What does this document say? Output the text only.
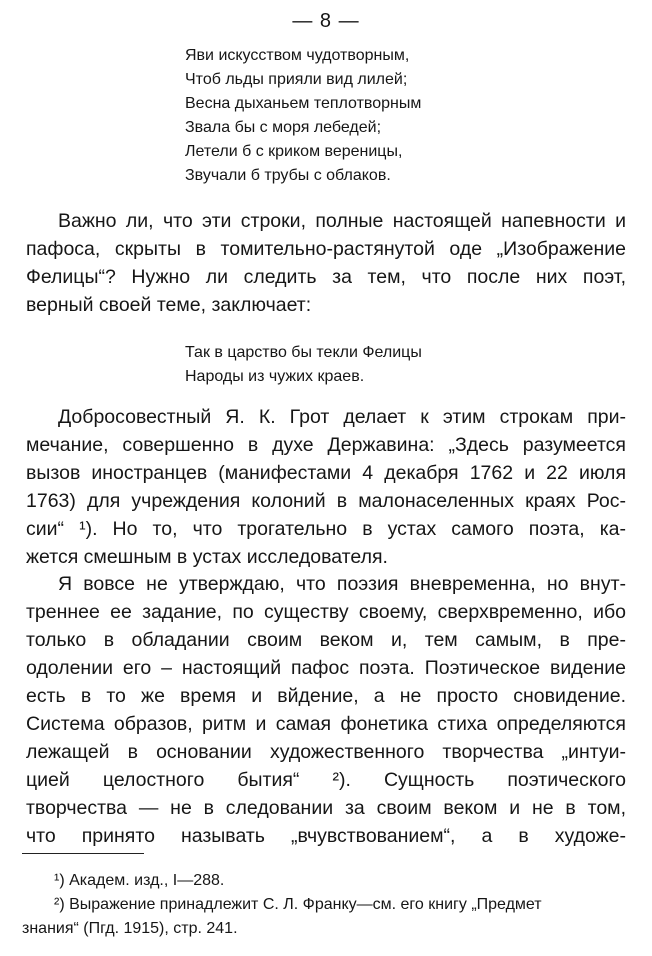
— 8 —
Яви искусством чудотворным,
Чтоб льды прияли вид лилей;
Весна дыханьем теплотворным
Звала бы с моря лебедей;
Летели б с криком вереницы,
Звучали б трубы с облаков.
Важно ли, что эти строки, полные настоящей напевности и
пафоса, скрыты в томительно-растянутой оде „Изображение
Фелицы“? Нужно ли следить за тем, что после них поэт,
верный своей теме, заключает:
Так в царство бы текли Фелицы
Народы из чужих краев.
Добросовестный Я. К. Грот делает к этим строкам при-
мечание, совершенно в духе Державина: „Здесь разумеется
вызов иностранцев (манифестами 4 декабря 1762 и 22 июля
1763) для учреждения колоний в малонаселенных краях Рос-
сии“ ¹). Но то, что трогательно в устах самого поэта, ка-
жется смешным в устах исследователя.
Я вовсе не утверждаю, что поэзия вневременна, но внут-
треннее ее задание, по существу своему, сверхвременно, ибо
только в обладании своим веком и, тем самым, в пре-
одолении его – настоящий пафос поэта. Поэтическое видение
есть в то же время и вйдение, а не просто сновидение.
Система образов, ритм и самая фонетика стиха определяются
лежащей в основании художественного творчества „интуи-
цией целостного бытия“ ²). Сущность поэтического
творчества — не в следовании за своим веком и не в том,
что принято называть „вчувствованием“, а в художе-
¹) Академ. изд., I—288.
²) Выражение принадлежит С. Л. Франку—см. его книгу „Предмет
знания“ (Пгд. 1915), стр. 241.
